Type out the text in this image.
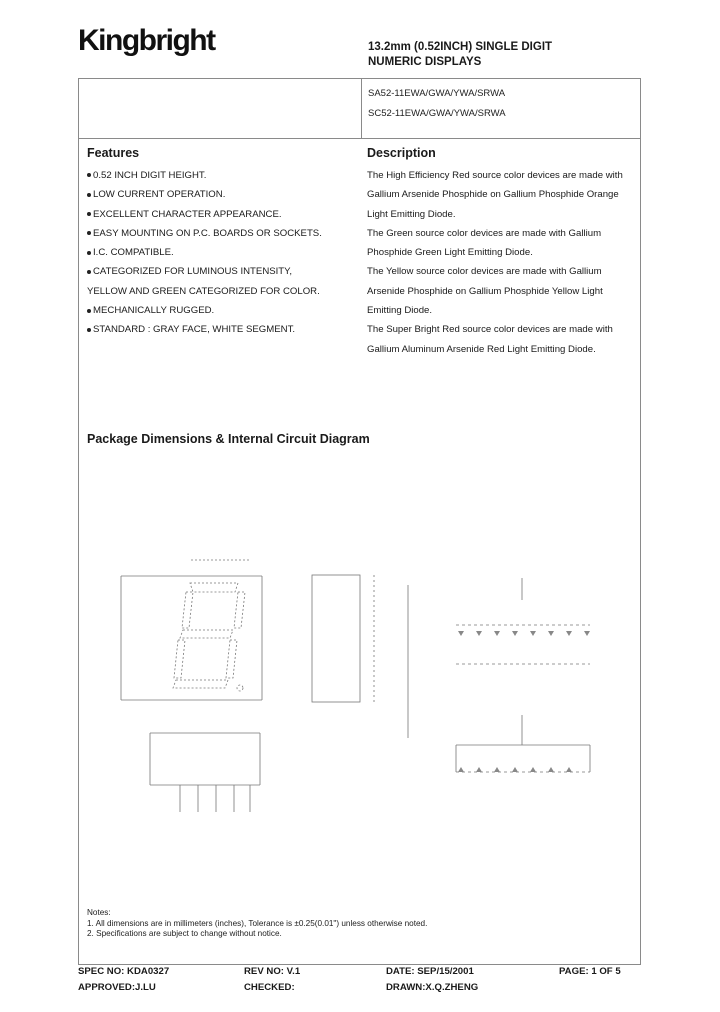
Kingbright	13.2mm (0.52INCH) SINGLE DIGIT
NUMERIC DISPLAYS
SA52-11EWA/GWA/YWA/SRWA
SC52-11EWA/GWA/YWA/SRWA
Features
0.52 INCH DIGIT HEIGHT.
LOW CURRENT OPERATION.
EXCELLENT CHARACTER APPEARANCE.
EASY MOUNTING ON P.C. BOARDS OR SOCKETS.
I.C. COMPATIBLE.
CATEGORIZED FOR LUMINOUS INTENSITY,
YELLOW AND GREEN CATEGORIZED FOR COLOR.
MECHANICALLY RUGGED.
STANDARD : GRAY FACE, WHITE SEGMENT.
Description

The High Efficiency Red source color devices are made with

Gallium Arsenide Phosphide on Gallium Phosphide Orange

Light Emitting Diode.

The Green source color devices are made with Gallium

Phosphide Green Light Emitting Diode.

The Yellow source color devices are made with Gallium

Arsenide Phosphide on Gallium Phosphide Yellow Light

Emitting Diode.

The Super Bright Red source color devices are made with

Gallium Aluminum Arsenide Red Light Emitting Diode.

Package Dimensions & Internal Circuit Diagram
Notes:
1. All dimensions are in millimeters (inches), Tolerance is ±0.25(0.01") unless otherwise noted.
2. Specifications are subject to change without notice.
SPEC NO: KDA0327	REV NO: V.1	DATE: SEP/15/2001	PAGE: 1 OF 5
APPROVED:J.LU	CHECKED:	DRAWN:X.Q.ZHENG
